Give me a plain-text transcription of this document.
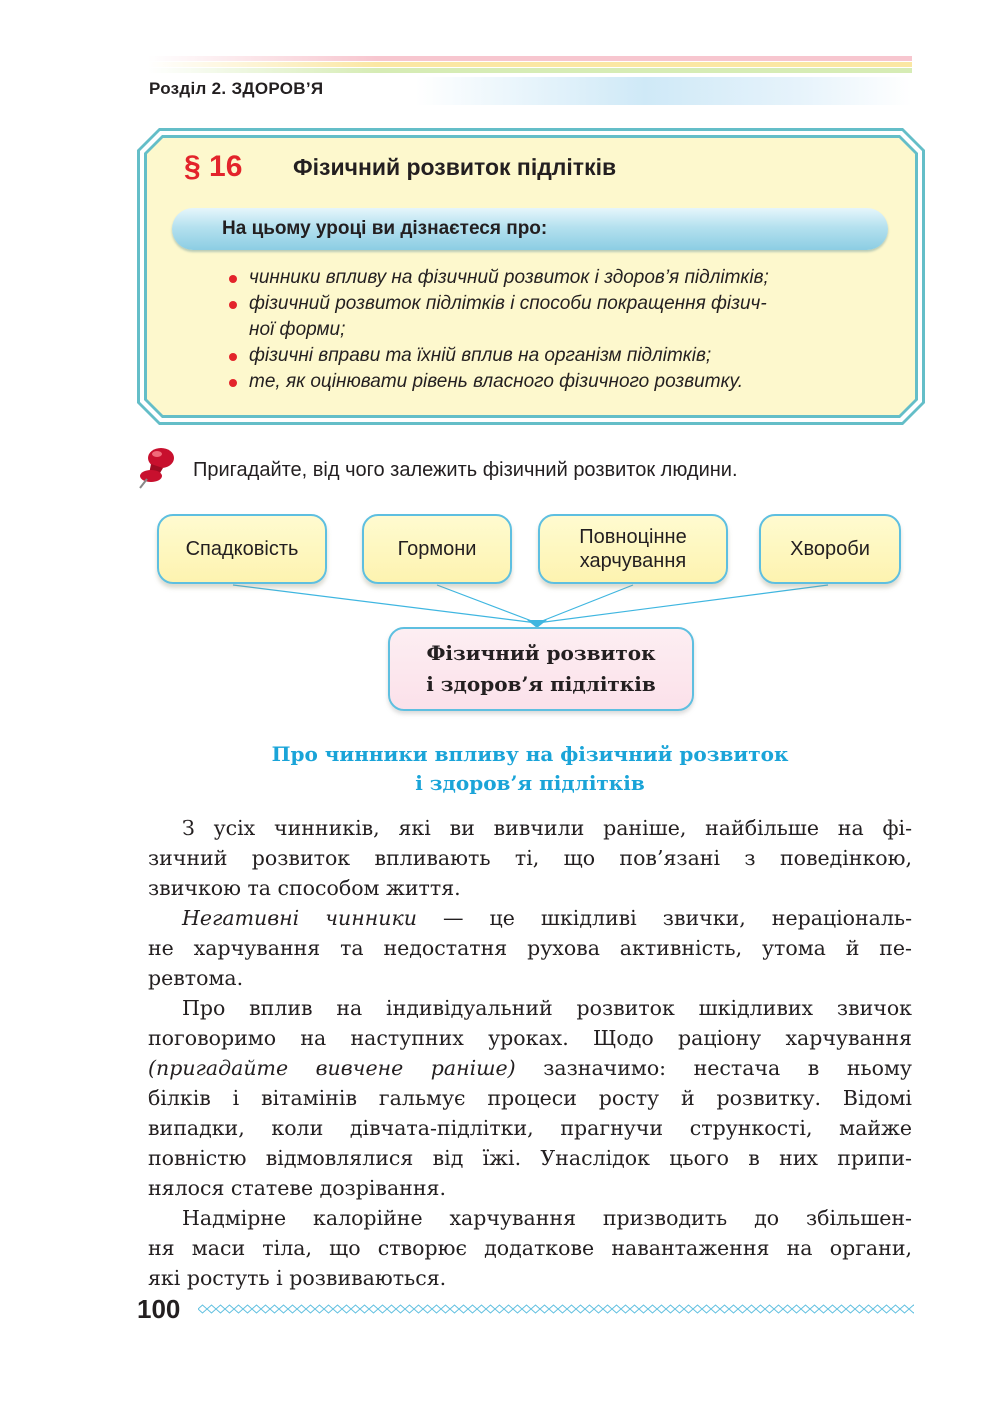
Розділ 2. ЗДОРОВ’Я
§ 16 Фізичний розвиток підлітків
На цьому уроці ви дізнаєтеся про:
чинники впливу на фізичний розвиток і здоров’я підлітків;
фізичний розвиток підлітків і способи покращення фізич-
ної форми;
фізичні вправи та їхній вплив на організм підлітків;
те, як оцінювати рівень власного фізичного розвитку.
Пригадайте, від чого залежить фізичний розвиток людини.
Спадковість	Гормони
Повноцінне
харчування
Хвороби
Фізичний розвиток
і здоров’я підлітків
Про чинники впливу на фізичний розвиток
і здоров’я підлітків
З усіх чинників, які ви вивчили раніше, найбільше на фі-
зичний розвиток впливають ті, що пов’язані з поведінкою,
звичкою та способом життя.
Негативні чинники — це шкідливі звички, нераціональ-
не харчування та недостатня рухова активність, утома й пе-
ревтома.
Про вплив на індивідуальний розвиток шкідливих звичок
поговоримо на наступних уроках. Щодо раціону харчування
(пригадайте вивчене раніше) зазначимо: нестача в ньому
білків і вітамінів гальмує процеси росту й розвитку. Відомі
випадки, коли дівчата-підлітки, прагнучи стрункості, майже
повністю відмовлялися від їжі. Унаслідок цього в них припи-
нялося статеве дозрівання.
Надмірне калорійне харчування призводить до збільшен-
ня маси тіла, що створює додаткове навантаження на органи,
які ростуть і розвиваються.
100
